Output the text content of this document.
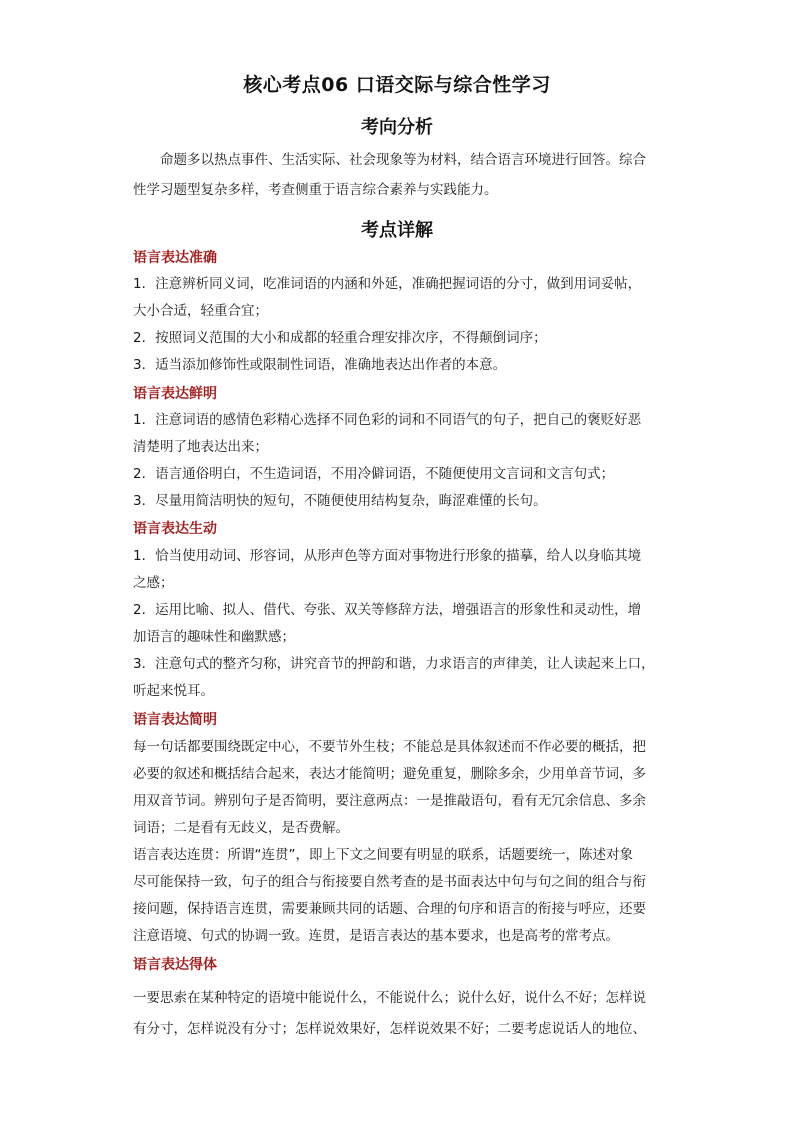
核心考点06 口语交际与综合性学习
考向分析
命题多以热点事件、生活实际、社会现象等为材料，结合语言环境进行回答。综合
性学习题型复杂多样，考查侧重于语言综合素养与实践能力。
考点详解
语言表达准确
1．注意辨析同义词，吃准词语的内涵和外延，准确把握词语的分寸，做到用词妥帖，
大小合适，轻重合宜；
2．按照词义范围的大小和成都的轻重合理安排次序，不得颠倒词序；
3．适当添加修饰性或限制性词语，准确地表达出作者的本意。
语言表达鲜明
1．注意词语的感情色彩精心选择不同色彩的词和不同语气的句子，把自己的褒贬好恶
清楚明了地表达出来；
2．语言通俗明白，不生造词语，不用冷僻词语，不随便使用文言词和文言句式；
3．尽量用简洁明快的短句，不随便使用结构复杂，晦涩难懂的长句。
语言表达生动
1．恰当使用动词、形容词，从形声色等方面对事物进行形象的描摹，给人以身临其境
之感；
2．运用比喻、拟人、借代、夸张、双关等修辞方法，增强语言的形象性和灵动性，增
加语言的趣味性和幽默感；
3．注意句式的整齐匀称，讲究音节的押韵和谐，力求语言的声律美，让人读起来上口，
听起来悦耳。
语言表达简明
每一句话都要围绕既定中心，不要节外生枝；不能总是具体叙述而不作必要的概括，把
必要的叙述和概括结合起来，表达才能简明；避免重复，删除多余，少用单音节词，多
用双音节词。辨别句子是否简明，要注意两点：一是推敲语句，看有无冗余信息、多余
词语；二是看有无歧义，是否费解。
语言表达连贯：所谓“连贯”，即上下文之间要有明显的联系，话题要统一，陈述对象
尽可能保持一致，句子的组合与衔接要自然考查的是书面表达中句与句之间的组合与衔
接问题，保持语言连贯，需要兼顾共同的话题、合理的句序和语言的衔接与呼应，还要
注意语境、句式的协调一致。连贯，是语言表达的基本要求，也是高考的常考点。
语言表达得体
一要思索在某种特定的语境中能说什么，不能说什么；说什么好，说什么不好；怎样说
有分寸，怎样说没有分寸；怎样说效果好，怎样说效果不好；二要考虑说话人的地位、
